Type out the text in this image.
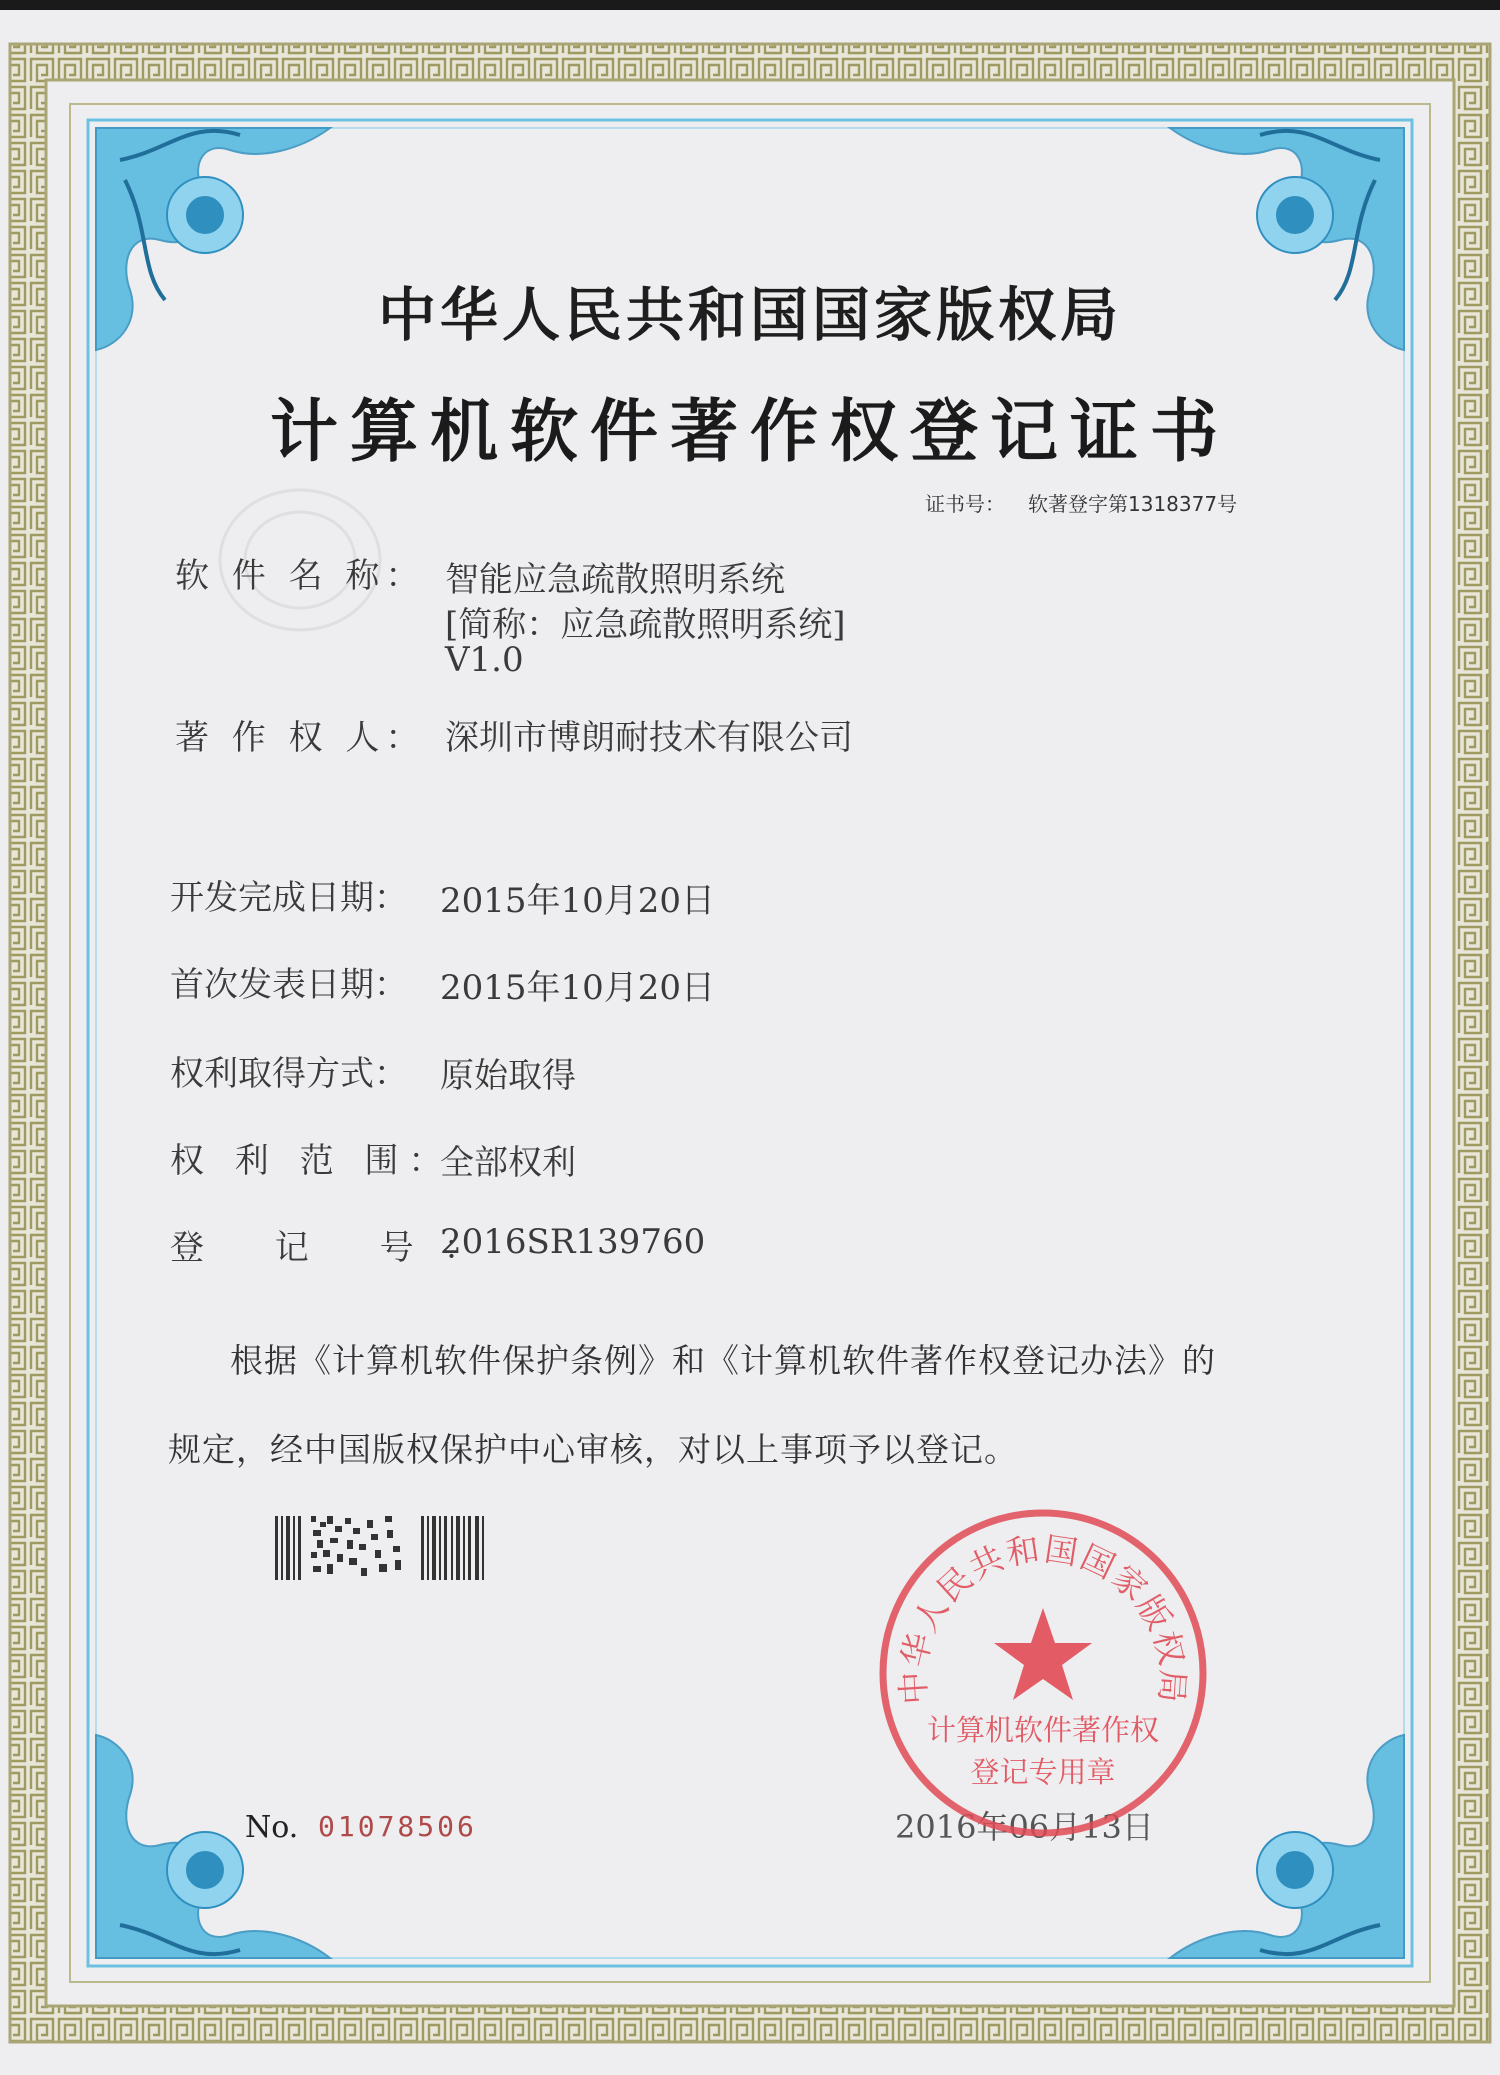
中华人民共和国国家版权局
计算机软件著作权登记证书
证书号： 软著登字第1318377号
软 件 名 称： 智能应急疏散照明系统
[简称：应急疏散照明系统]
V1.0
著 作 权 人： 深圳市博朗耐技术有限公司
开发完成日期： 2015年10月20日
首次发表日期： 2015年10月20日
权利取得方式： 原始取得
权 利 范 围：
全部权利
登 记 号：
2016SR139760
根据《计算机软件保护条例》和《计算机软件著作权登记办法》的
规定，经中国版权保护中心审核，对以上事项予以登记。
No. 01078506	2016年06月13日
中华人民共和国国家版权局
计算机软件著作权
登记专用章
